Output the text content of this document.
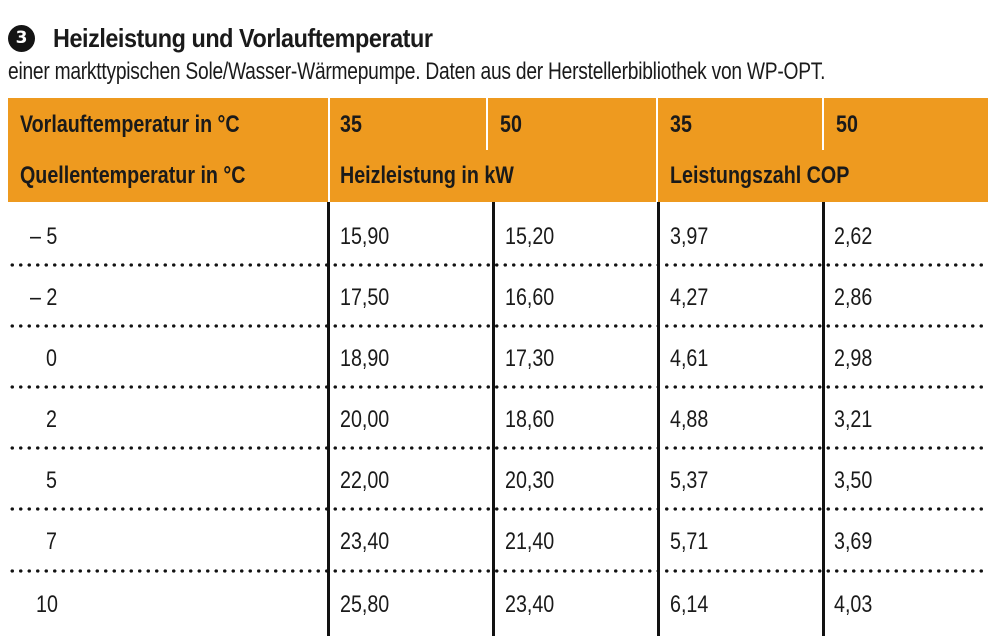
3 Heizleistung und Vorlauftemperatur
einer markttypischen Sole/Wasser-Wärmepumpe. Daten aus der Herstellerbibliothek von WP-OPT.
Vorlauftemperatur in °C	35	50	35	50
Quellentemperatur in °C	Heizleistung in kW	Leistungszahl COP
– 5	15,90	15,20	3,97	2,62
– 2	17,50	16,60	4,27	2,86
0	18,90	17,30	4,61	2,98
2	20,00	18,60	4,88	3,21
5	22,00	20,30	5,37	3,50
7	23,40	21,40	5,71	3,69
10	25,80	23,40	6,14	4,03
